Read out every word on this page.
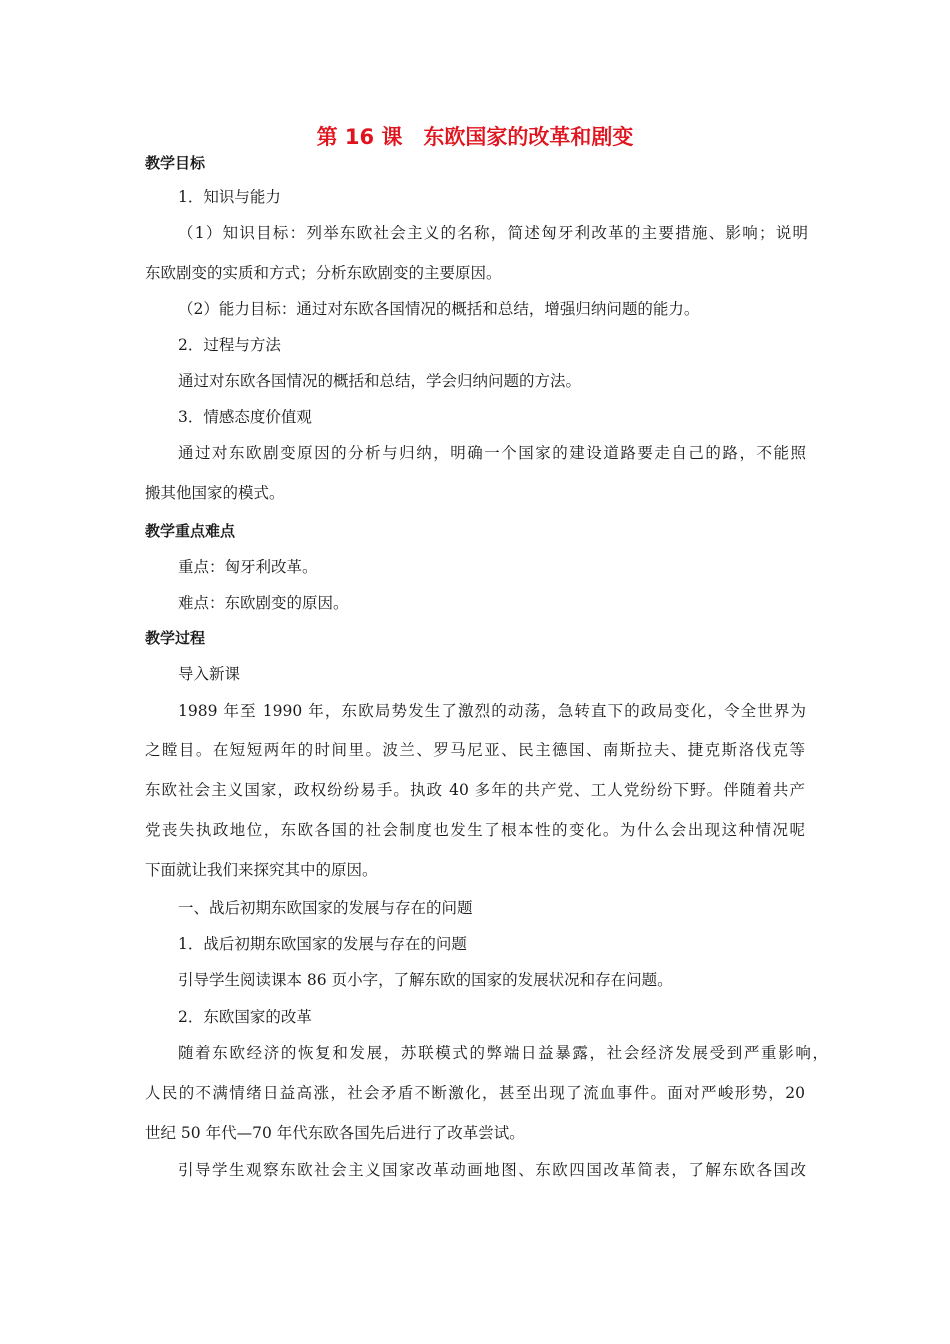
第 16 课　东欧国家的改革和剧变
教学目标
1．知识与能力
（1）知识目标：列举东欧社会主义的名称，简述匈牙利改革的主要措施、影响；说明
东欧剧变的实质和方式；分析东欧剧变的主要原因。
（2）能力目标：通过对东欧各国情况的概括和总结，增强归纳问题的能力。
2．过程与方法
通过对东欧各国情况的概括和总结，学会归纳问题的方法。
3．情感态度价值观
通过对东欧剧变原因的分析与归纳，明确一个国家的建设道路要走自己的路，不能照
搬其他国家的模式。
教学重点难点
重点：匈牙利改革。
难点：东欧剧变的原因。
教学过程
导入新课
1989 年至 1990 年，东欧局势发生了激烈的动荡，急转直下的政局变化，令全世界为
之瞠目。在短短两年的时间里。波兰、罗马尼亚、民主德国、南斯拉夫、捷克斯洛伐克等
东欧社会主义国家，政权纷纷易手。执政 40 多年的共产党、工人党纷纷下野。伴随着共产
党丧失执政地位，东欧各国的社会制度也发生了根本性的变化。为什么会出现这种情况呢
下面就让我们来探究其中的原因。
一、战后初期东欧国家的发展与存在的问题
1．战后初期东欧国家的发展与存在的问题
引导学生阅读课本 86 页小字，了解东欧的国家的发展状况和存在问题。
2．东欧国家的改革
随着东欧经济的恢复和发展，苏联模式的弊端日益暴露，社会经济发展受到严重影响，
人民的不满情绪日益高涨，社会矛盾不断激化，甚至出现了流血事件。面对严峻形势，20
世纪 50 年代—70 年代东欧各国先后进行了改革尝试。
引导学生观察东欧社会主义国家改革动画地图、东欧四国改革简表，了解东欧各国改
